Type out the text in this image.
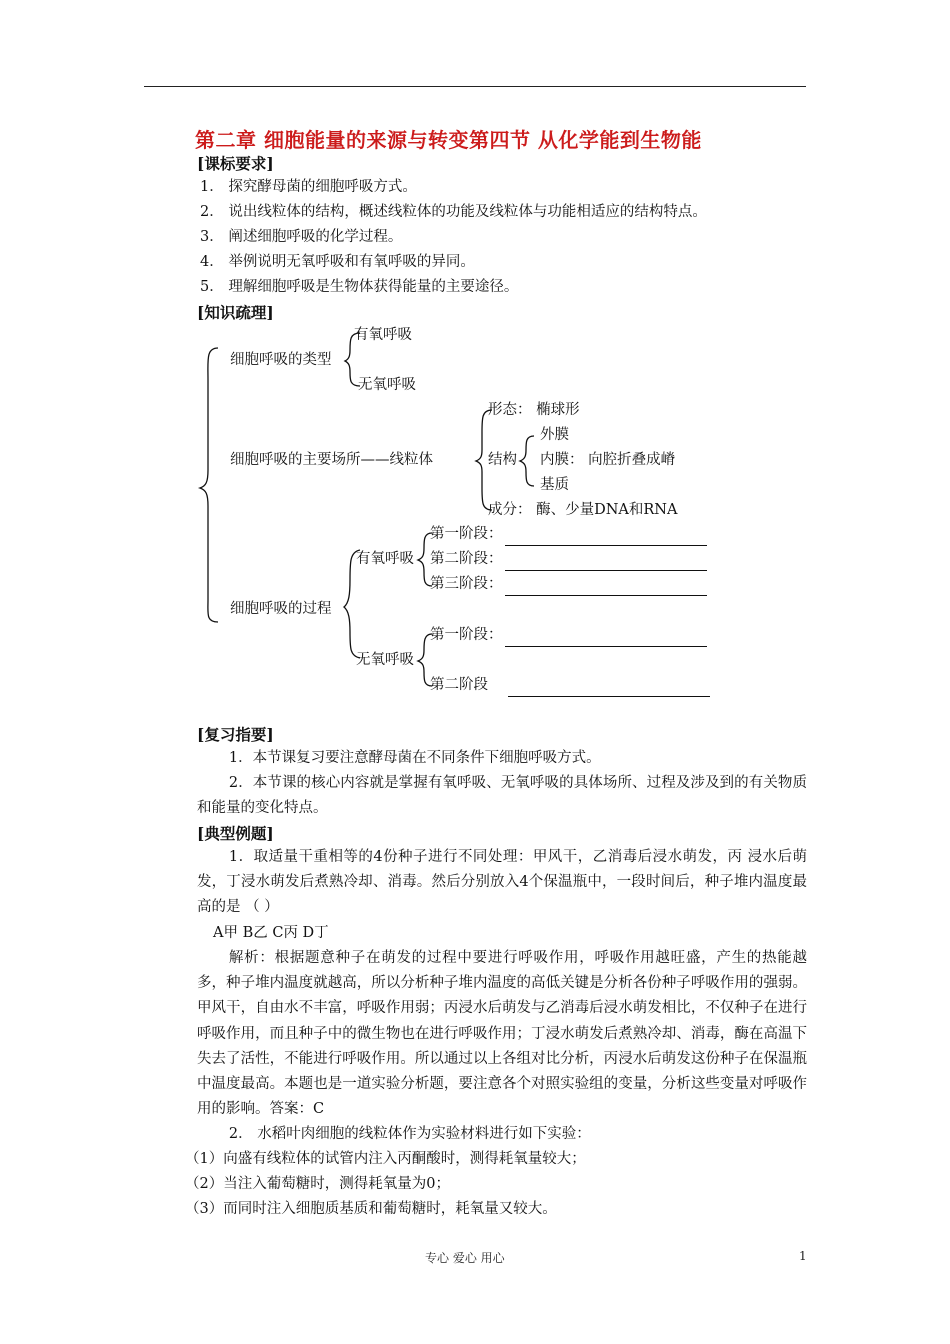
第二章 细胞能量的来源与转变第四节 从化学能到生物能
[课标要求]
1． 探究酵母菌的细胞呼吸方式。
2． 说出线粒体的结构，概述线粒体的功能及线粒体与功能相适应的结构特点。
3． 阐述细胞呼吸的化学过程。
4． 举例说明无氧呼吸和有氧呼吸的异同。
5． 理解细胞呼吸是生物体获得能量的主要途径。
[知识疏理]
有氧呼吸
细胞呼吸的类型
无氧呼吸
形态： 椭球形
外膜
细胞呼吸的主要场所——线粒体	结构 内膜： 向腔折叠成嵴
基质
成分： 酶、少量DNA和RNA
第一阶段：
有氧呼吸 第二阶段：
第三阶段：
细胞呼吸的过程
第一阶段：
无氧呼吸
第二阶段
[复习指要]
1．本节课复习要注意酵母菌在不同条件下细胞呼吸方式。
2．本节课的核心内容就是掌握有氧呼吸、无氧呼吸的具体场所、过程及涉及到的有关物质和能量的变化特点。
[典型例题]
1．取适量干重相等的4份种子进行不同处理：甲风干，乙消毒后浸水萌发，丙 浸水后萌发，丁浸水萌发后煮熟冷却、消毒。然后分别放入4个保温瓶中，一段时间后，种子堆内温度最高的是 （ ）
A甲 B乙 C丙 D丁
解析：根据题意种子在萌发的过程中要进行呼吸作用，呼吸作用越旺盛，产生的热能越多，种子堆内温度就越高，所以分析种子堆内温度的高低关键是分析各份种子呼吸作用的强弱。甲风干，自由水不丰富，呼吸作用弱；丙浸水后萌发与乙消毒后浸水萌发相比，不仅种子在进行呼吸作用，而且种子中的微生物也在进行呼吸作用；丁浸水萌发后煮熟冷却、消毒，酶在高温下失去了活性，不能进行呼吸作用。所以通过以上各组对比分析，丙浸水后萌发这份种子在保温瓶中温度最高。本题也是一道实验分析题，要注意各个对照实验组的变量，分析这些变量对呼吸作用的影响。答案：C
2． 水稻叶肉细胞的线粒体作为实验材料进行如下实验：
（1）向盛有线粒体的试管内注入丙酮酸时，测得耗氧量较大；
（2）当注入葡萄糖时，测得耗氧量为0；
（3）而同时注入细胞质基质和葡萄糖时，耗氧量又较大。
专心 爱心 用心	1
